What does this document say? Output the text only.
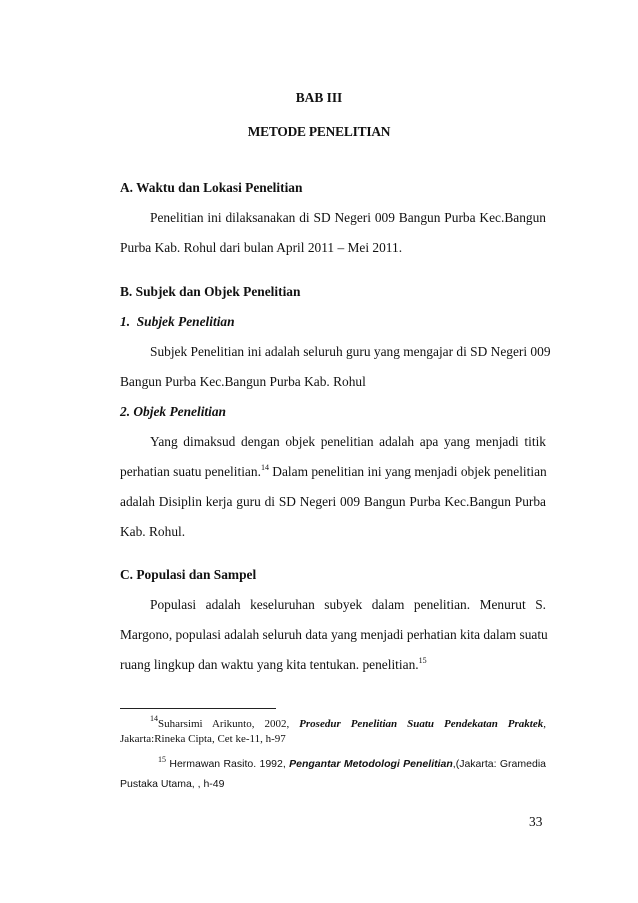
BAB III
METODE PENELITIAN
A. Waktu dan Lokasi Penelitian
Penelitian ini dilaksanakan di SD Negeri 009 Bangun Purba Kec.Bangun
Purba Kab. Rohul dari bulan April 2011 – Mei 2011.
B. Subjek dan Objek Penelitian
1.  Subjek Penelitian
Subjek Penelitian ini adalah seluruh guru yang mengajar di SD Negeri 009
Bangun Purba Kec.Bangun Purba Kab. Rohul
2. Objek Penelitian
Yang dimaksud dengan objek penelitian adalah apa yang menjadi titik
perhatian suatu penelitian.$^{14}$ Dalam penelitian ini yang menjadi objek penelitian
adalah Disiplin kerja guru di SD Negeri 009 Bangun Purba Kec.Bangun Purba
Kab. Rohul.
C. Populasi dan Sampel
Populasi adalah keseluruhan subyek dalam penelitian. Menurut S.
Margono, populasi adalah seluruh data yang menjadi perhatian kita dalam suatu
ruang lingkup dan waktu yang kita tentukan. penelitian.$^{15}$
$^{14}$Suharsimi Arikunto, 2002, Prosedur Penelitian Suatu Pendekatan Praktek,
Jakarta:Rineka Cipta, Cet ke-11, h-97
$^{15}$ Hermawan Rasito. 1992, Pengantar Metodologi Penelitian,(Jakarta: Gramedia
Pustaka Utama, , h-49
33
